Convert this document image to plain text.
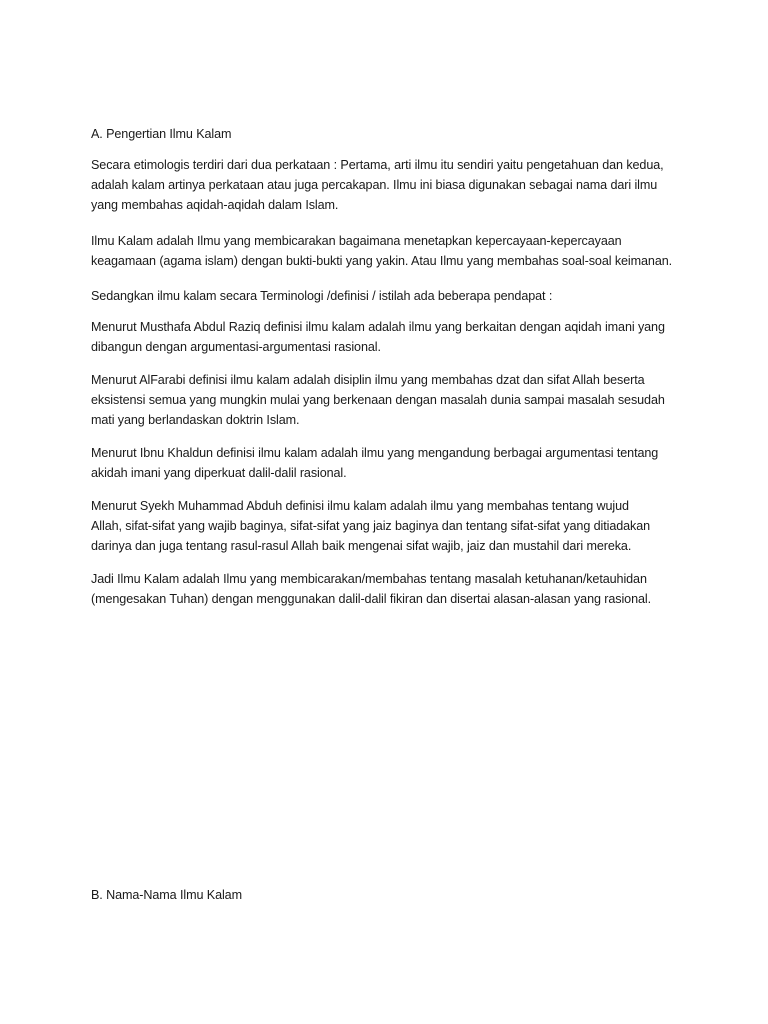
A. Pengertian Ilmu Kalam

Secara etimologis terdiri dari dua perkataan : Pertama, arti ilmu itu sendiri yaitu pengetahuan dan kedua,
adalah kalam artinya perkataan atau juga percakapan. Ilmu ini biasa digunakan sebagai nama dari ilmu
yang membahas aqidah-aqidah dalam Islam.

Ilmu Kalam adalah Ilmu yang membicarakan bagaimana menetapkan kepercayaan-kepercayaan
keagamaan (agama islam) dengan bukti-bukti yang yakin. Atau Ilmu yang membahas soal-soal keimanan.

Sedangkan ilmu kalam secara Terminologi /definisi / istilah ada beberapa pendapat :

Menurut Musthafa Abdul Raziq definisi ilmu kalam adalah ilmu yang berkaitan dengan aqidah imani yang
dibangun dengan argumentasi-argumentasi rasional.

Menurut AlFarabi definisi ilmu kalam adalah disiplin ilmu yang membahas dzat dan sifat Allah beserta
eksistensi semua yang mungkin mulai yang berkenaan dengan masalah dunia sampai masalah sesudah
mati yang berlandaskan doktrin Islam.

Menurut Ibnu Khaldun definisi ilmu kalam adalah ilmu yang mengandung berbagai argumentasi tentang
akidah imani yang diperkuat dalil-dalil rasional.

Menurut Syekh Muhammad Abduh definisi ilmu kalam adalah ilmu yang membahas tentang wujud
Allah, sifat-sifat yang wajib baginya, sifat-sifat yang jaiz baginya dan tentang sifat-sifat yang ditiadakan
darinya dan juga tentang rasul-rasul Allah baik mengenai sifat wajib, jaiz dan mustahil dari mereka.

Jadi Ilmu Kalam adalah Ilmu yang membicarakan/membahas tentang masalah ketuhanan/ketauhidan
(mengesakan Tuhan) dengan menggunakan dalil-dalil fikiran dan disertai alasan-alasan yang rasional.

B. Nama-Nama Ilmu Kalam
